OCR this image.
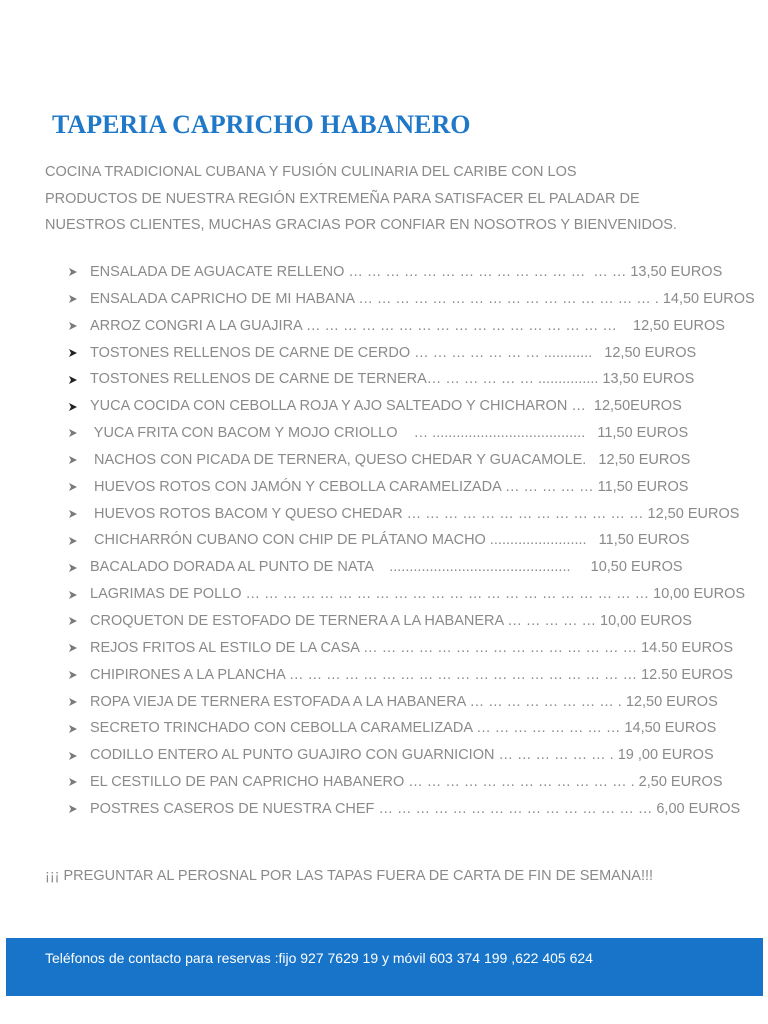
TAPERIA CAPRICHO HABANERO

COCINA TRADICIONAL CUBANA Y FUSIÓN CULINARIA DEL CARIBE CON LOS
PRODUCTOS DE NUESTRA REGIÓN EXTREMEÑA PARA SATISFACER EL PALADAR DE
NUESTROS CLIENTES, MUCHAS GRACIAS POR CONFIAR EN NOSOTROS Y BIENVENIDOS.

ENSALADA DE AGUACATE RELLENO … … … … … … … … … … … … …  … … 13,50 EUROS
ENSALADA CAPRICHO DE MI HABANA … … … … … … … … … … … … … … … … . 14,50 EUROS
ARROZ CONGRI A LA GUAJIRA … … … … … … … … … … … … … … … … …    12,50 EUROS
TOSTONES RELLENOS DE CARNE DE CERDO … … … … … … … ............   12,50 EUROS
TOSTONES RELLENOS DE CARNE DE TERNERA… … … … … … ............... 13,50 EUROS
YUCA COCIDA CON CEBOLLA ROJA Y AJO SALTEADO Y CHICHARON …  12,50EUROS
YUCA FRITA CON BACOM Y MOJO CRIOLLO    … ......................................   11,50 EUROS
NACHOS CON PICADA DE TERNERA, QUESO CHEDAR Y GUACAMOLE.   12,50 EUROS
HUEVOS ROTOS CON JAMÓN Y CEBOLLA CARAMELIZADA … … … … … 11,50 EUROS
HUEVOS ROTOS BACOM Y QUESO CHEDAR … … … … … … … … … … … … … 12,50 EUROS
CHICHARRÓN CUBANO CON CHIP DE PLÁTANO MACHO ........................   11,50 EUROS
BACALADO DORADA AL PUNTO DE NATA    .............................................     10,50 EUROS
LAGRIMAS DE POLLO … … … … … … … … … … … … … … … … … … … … … … 10,00 EUROS
CROQUETON DE ESTOFADO DE TERNERA A LA HABANERA … … … … … 10,00 EUROS
REJOS FRITOS AL ESTILO DE LA CASA … … … … … … … … … … … … … … … 14.50 EUROS
CHIPIRONES A LA PLANCHA … … … … … … … … … … … … … … … … … … … 12.50 EUROS
ROPA VIEJA DE TERNERA ESTOFADA A LA HABANERA … … … … … … … … . 12,50 EUROS
SECRETO TRINCHADO CON CEBOLLA CARAMELIZADA … … … … … … … … 14,50 EUROS
CODILLO ENTERO AL PUNTO GUAJIRO CON GUARNICION … … … … … … . 19 ,00 EUROS
EL CESTILLO DE PAN CAPRICHO HABANERO … … … … … … … … … … … … . 2,50 EUROS
POSTRES CASEROS DE NUESTRA CHEF … … … … … … … … … … … … … … … 6,00 EUROS

¡¡¡ PREGUNTAR AL PEROSNAL POR LAS TAPAS FUERA DE CARTA DE FIN DE SEMANA!!!

Teléfonos de contacto para reservas :fijo 927 7629 19 y móvil 603 374 199 ,622 405 624
